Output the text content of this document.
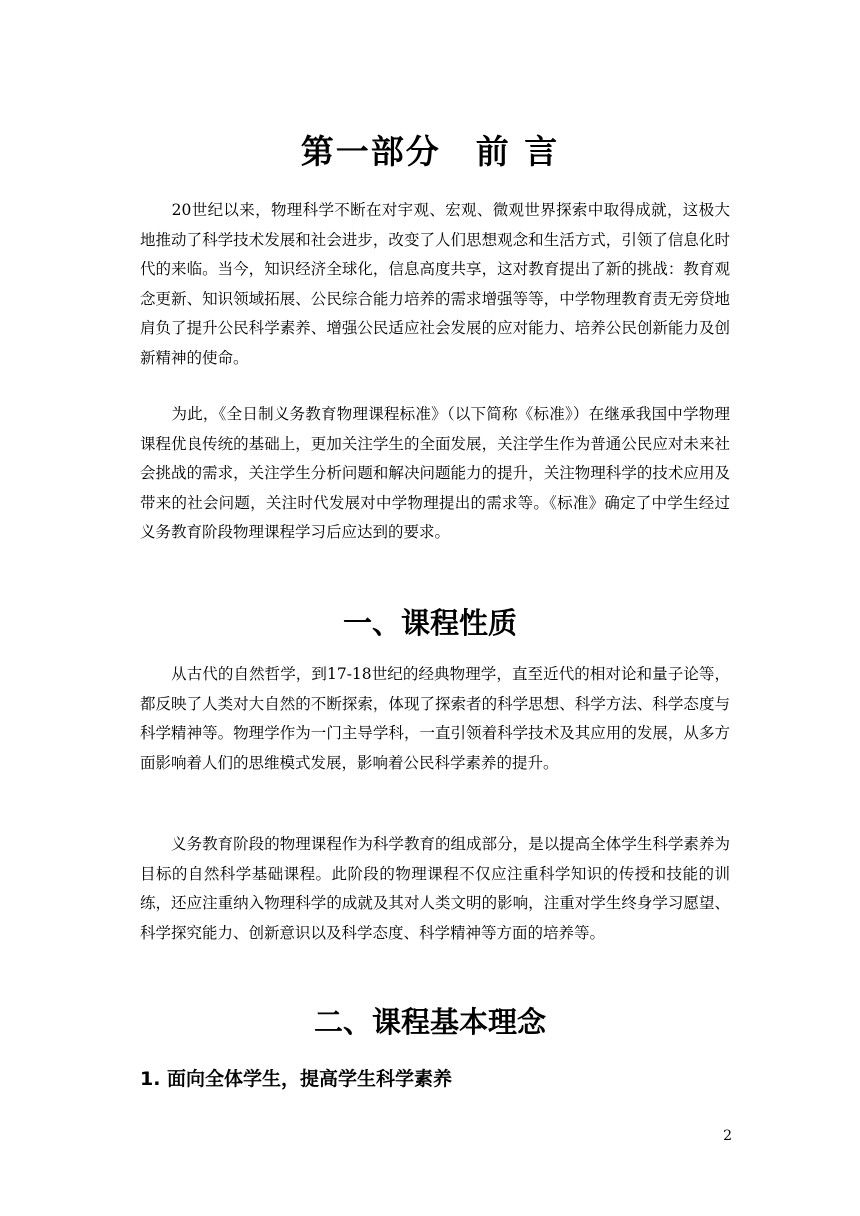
第一部分　前 言

　　20世纪以来，物理科学不断在对宇观、宏观、微观世界探索中取得成就，这极大地推动了科学技术发展和社会进步，改变了人们思想观念和生活方式，引领了信息化时代的来临。当今，知识经济全球化，信息高度共享，这对教育提出了新的挑战：教育观念更新、知识领域拓展、公民综合能力培养的需求增强等等，中学物理教育责无旁贷地肩负了提升公民科学素养、增强公民适应社会发展的应对能力、培养公民创新能力及创新精神的使命。

　　为此，《全日制义务教育物理课程标准》（以下简称《标准》）在继承我国中学物理课程优良传统的基础上，更加关注学生的全面发展，关注学生作为普通公民应对未来社会挑战的需求，关注学生分析问题和解决问题能力的提升，关注物理科学的技术应用及带来的社会问题，关注时代发展对中学物理提出的需求等。《标准》确定了中学生经过义务教育阶段物理课程学习后应达到的要求。

一、课程性质

　　从古代的自然哲学，到17-18世纪的经典物理学，直至近代的相对论和量子论等，都反映了人类对大自然的不断探索，体现了探索者的科学思想、科学方法、科学态度与科学精神等。物理学作为一门主导学科，一直引领着科学技术及其应用的发展，从多方面影响着人们的思维模式发展，影响着公民科学素养的提升。

　　义务教育阶段的物理课程作为科学教育的组成部分，是以提高全体学生科学素养为目标的自然科学基础课程。此阶段的物理课程不仅应注重科学知识的传授和技能的训练，还应注重纳入物理科学的成就及其对人类文明的影响，注重对学生终身学习愿望、科学探究能力、创新意识以及科学态度、科学精神等方面的培养等。

二、课程基本理念
1. 面向全体学生，提高学生科学素养
2
